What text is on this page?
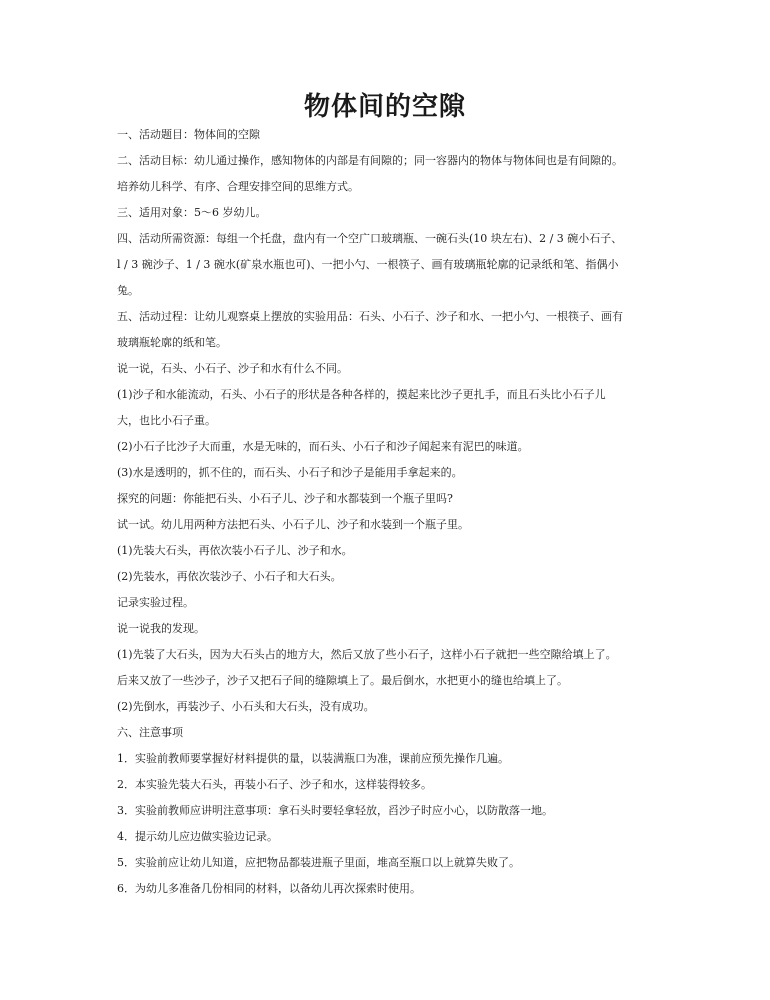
物体间的空隙
一、活动题目：物体间的空隙
二、活动目标：幼儿通过操作，感知物体的内部是有间隙的；同一容器内的物体与物体间也是有间隙的。
培养幼儿科学、有序、合理安排空间的思维方式。
三、适用对象：5～6 岁幼儿。
四、活动所需资源：每组一个托盘，盘内有一个空广口玻璃瓶、一碗石头(10 块左右)、2 / 3 碗小石子、
l / 3 碗沙子、1 / 3 碗水(矿泉水瓶也可)、一把小勺、一根筷子、画有玻璃瓶轮廓的记录纸和笔、指偶小
兔。
五、活动过程：让幼儿观察桌上摆放的实验用品：石头、小石子、沙子和水、一把小勺、一根筷子、画有
玻璃瓶轮廓的纸和笔。
说一说，石头、小石子、沙子和水有什么不同。
(1)沙子和水能流动，石头、小石子的形状是各种各样的，摸起来比沙子更扎手，而且石头比小石子儿
大，也比小石子重。
(2)小石子比沙子大而重，水是无味的，而石头、小石子和沙子闻起来有泥巴的味道。
(3)水是透明的，抓不住的，而石头、小石子和沙子是能用手拿起来的。
探究的问题：你能把石头、小石子儿、沙子和水都装到一个瓶子里吗?
试一试。幼儿用两种方法把石头、小石子儿、沙子和水装到一个瓶子里。
(1)先装大石头，再依次装小石子儿、沙子和水。
(2)先装水，再依次装沙子、小石子和大石头。
记录实验过程。
说一说我的发现。
(1)先装了大石头，因为大石头占的地方大，然后又放了些小石子，这样小石子就把一些空隙给填上了。
后来又放了一些沙子，沙子又把石子间的缝隙填上了。最后倒水，水把更小的缝也给填上了。
(2)先倒水，再装沙子、小石头和大石头，没有成功。
六、注意事项
1．实验前教师要掌握好材料提供的量，以装满瓶口为准，课前应预先操作几遍。
2．本实验先装大石头，再装小石子、沙子和水，这样装得较多。
3．实验前教师应讲明注意事项：拿石头时要轻拿轻放，舀沙子时应小心，以防散落一地。
4．提示幼儿应边做实验边记录。
5．实验前应让幼儿知道，应把物品都装进瓶子里面，堆高至瓶口以上就算失败了。
6．为幼儿多准备几份相同的材料，以备幼儿再次探索时使用。
